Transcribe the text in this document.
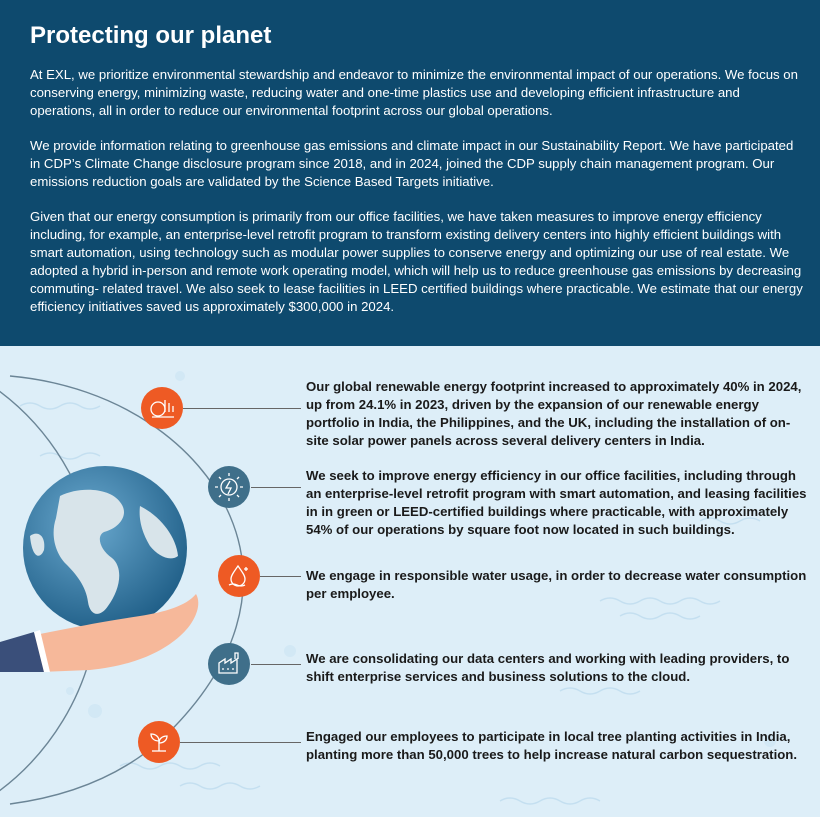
Protecting our planet

At EXL, we prioritize environmental stewardship and endeavor to minimize the environmental impact of our operations. We focus on conserving energy, minimizing waste, reducing water and one-time plastics use and developing efficient infrastructure and operations, all in order to reduce our environmental footprint across our global operations.

We provide information relating to greenhouse gas emissions and climate impact in our Sustainability Report. We have participated in CDP’s Climate Change disclosure program since 2018, and in 2024, joined the CDP supply chain management program. Our emissions reduction goals are validated by the Science Based Targets initiative.

Given that our energy consumption is primarily from our office facilities, we have taken measures to improve energy efficiency including, for example, an enterprise-level retrofit program to transform existing delivery centers into highly efficient buildings with smart automation, using technology such as modular power supplies to conserve energy and optimizing our use of real estate. We adopted a hybrid in-person and remote work operating model, which will help us to reduce greenhouse gas emissions by decreasing commuting- related travel. We also seek to lease facilities in LEED certified buildings where practicable. We estimate that our energy efficiency initiatives saved us approximately $300,000 in 2024.

Our global renewable energy footprint increased to approximately 40% in 2024, up from 24.1% in 2023, driven by the expansion of our renewable energy portfolio in India, the Philippines, and the UK, including the installation of on-site solar power panels across several delivery centers in India.

We seek to improve energy efficiency in our office facilities, including through an enterprise-level retrofit program with smart automation, and leasing facilities in in green or LEED-certified buildings where practicable, with approximately 54% of our operations by square foot now located in such buildings.

We engage in responsible water usage, in order to decrease water consumption per employee.

We are consolidating our data centers and working with leading providers, to shift enterprise services and business solutions to the cloud.

Engaged our employees to participate in local tree planting activities in India, planting more than 50,000 trees to help increase natural carbon sequestration.
